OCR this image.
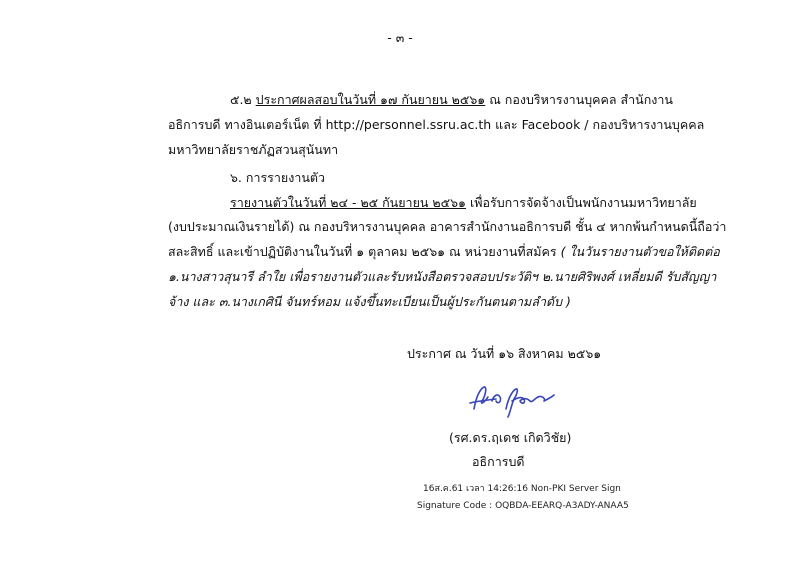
- ๓ -
๕.๒ ประกาศผลสอบในวันที่ ๑๗ กันยายน ๒๕๖๑ ณ กองบริหารงานบุคคล สำนักงาน
อธิการบดี ทางอินเตอร์เน็ต ที่ http://personnel.ssru.ac.th และ Facebook / กองบริหารงานบุคคล
มหาวิทยาลัยราชภัฏสวนสุนันทา
๖. การรายงานตัว
รายงานตัวในวันที่ ๒๔ - ๒๕ กันยายน ๒๕๖๑ เพื่อรับการจัดจ้างเป็นพนักงานมหาวิทยาลัย
(งบประมาณเงินรายได้) ณ กองบริหารงานบุคคล อาคารสำนักงานอธิการบดี ชั้น ๔ หากพ้นกำหนดนี้ถือว่า
สละสิทธิ์ และเข้าปฏิบัติงานในวันที่ ๑ ตุลาคม ๒๕๖๑ ณ หน่วยงานที่สมัคร ( ในวันรายงานตัวขอให้ติดต่อ
๑.นางสาวสุนารี ลำใย เพื่อรายงานตัวและรับหนังสือตรวจสอบประวัติฯ ๒.นายศิริพงศ์ เหลี่ยมดี รับสัญญา
จ้าง และ ๓.นางเกศินี จันทร์หอม แจ้งขึ้นทะเบียนเป็นผู้ประกันตนตามลำดับ )
ประกาศ ณ วันที่ ๑๖ สิงหาคม ๒๕๖๑
(รศ.ดร.ฤเดช เกิดวิชัย)
อธิการบดี
16ส.ค.61 เวลา 14:26:16 Non-PKI Server Sign
Signature Code : OQBDA-EEARQ-A3ADY-ANAA5
